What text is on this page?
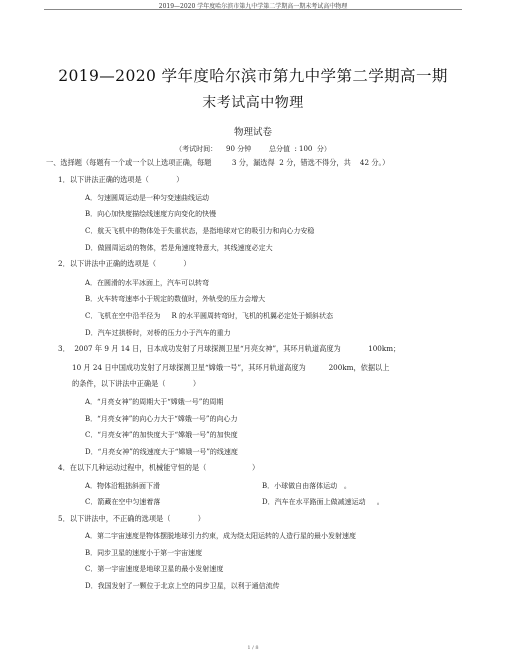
2019—2020 学年度哈尔滨市第九中学第二学期高一期末考试高中物理
2019—2020 学年度哈尔滨市第九中学第二学期高一期
末考试高中物理
物理试卷
（考试时间：    90 分钟        总分值  : 100  分）
一、选择题（每题有一个或一个以上选项正确，每题         3 分，漏选得  2 分，错选不得分，共    42 分。）
1．以下讲法正确的选项是（            ）
A．匀速圆周运动是一种匀变速曲线运动
B．向心加快度描绘线速度方向变化的快慢
C．航天飞机中的物体处于失重状态，是指地球对它的吸引力和向心力安稳
D．做圆周运动的物体，若是角速度特意大，其线速度必定大
2．以下讲法中正确的选项是（            ）
A．在圆滑的水平冰面上，汽车可以转弯
B．火车转弯速率小于规定的数值时，外轨受的压力会增大
C．飞机在空中沿半径为     R 的水平圆周转弯时，飞机的机翼必定处于倾斜状态
D．汽车过拱桥时，对桥的压力小于汽车的重力
3．  2007 年 9 月 14 日，日本成功发射了月球探测卫星“月亮女神”，其环月轨道高度为            100km；
10 月 24 日中国成功发射了月球探测卫星“嫦娥一号”，其环月轨道高度为          200km，依据以上
的条件，以下讲法中正确是（            ）
A．“月亮女神”的周期大于“嫦娥一号”的周期
B．“月亮女神”的向心力大于“嫦娥一号”的向心力
C．“月亮女神”的加快度大于“嫦娥一号”的加快度
D．“月亮女神”的线速度大于“嫦娥一号”的线速度
4．在以下几种运动过程中，机械能守恒的是（                    ）
A．物体沿粗拙斜面下滑	B．小球做自由落体运动   。
C．箭藏在空中匀速着落	D．汽车在水平路面上做减速运动     。
5．以下讲法中，不正确的选项是（            ）
A．第二宇宙速度是物体摆脱地球引力约束，成为绕太阳运转的人造行星的最小发射速度
B．同步卫星的速度小于第一宇宙速度
C．第一宇宙速度是地球卫星的最小发射速度
D．我国发射了一颗位于北京上空的同步卫星，以利于通信流传
1 / 8
